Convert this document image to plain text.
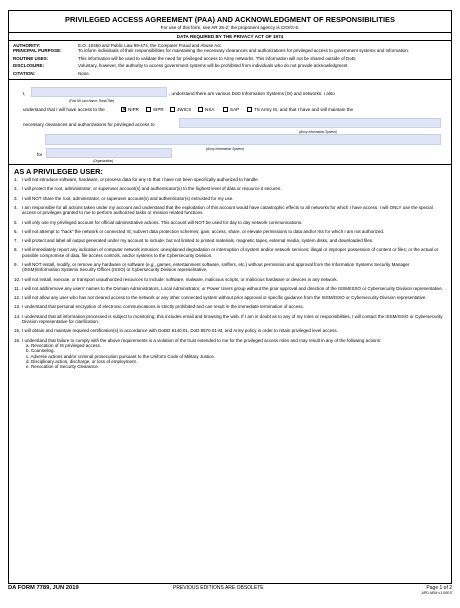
PRIVILEGED ACCESS AGREEMENT (PAA) AND ACKNOWLEDGMENT OF RESPONSIBILITIES
For use of this form, see AR 25-2; the proponent agency is CIO/G-6.
DATA REQUIRED BY THE PRIVACY ACT OF 1974
AUTHORITY:	E.O. 10450 and Public Law 99-474, the Computer Fraud and Abuse Act.
PRINCIPAL PURPOSE:	To inform individuals of their responsibilities for maintaining the necessary clearances and authorizations for privileged access to government systems and information.
ROUTINE USES:	This information will be used to validate the need for privileged access to Army networks. This information will not be shared outside of DoD.
DISCLOSURE:	Voluntary, however, the authority to access government systems will be prohibited from individuals who do not provide acknowledgment.
CITATION:	None.
I,
(First MI Last Name, Rank/Title)
, understand there are various DoD Information Systems (IS) and networks. I also
understand that I will have access to the	✕ NIPR	SIPR	JWICS	NSA	SAP	TS Army IS, and that I have and will maintain the
necessary clearances and authorizations for privileged access to
(Army Information System)
(Army Information System)
for
(Organization)
AS A PRIVILEGED USER:
1. I will not introduce software, hardware, or process data for any IS that I have not been specifically authorized to handle.
2. I will protect the root, administrator, or superuser account(s) and authenticator(s) to the highest level of data or resource it secures.
3. I will NOT share the root, administrator, or superuser account(s) and authenticator(s) entrusted for my use.
4. I am responsible for all actions taken under my account and understand that the exploitation of this account would have catastrophic effects to all networks for which I have access. I will ONLY use the special access or privileges granted to me to perform authorized tasks or mission related functions.
5. I will only use my privileged account for official administrative actions. This account will NOT be used for day to day network communications.
6. I will not attempt to "hack" the network or connected IS; subvert data protection schemes; gain, access, share, or elevate permissions to data and/or ISs for which I am not authorized.
7. I will protect and label all output generated under my account to include, but not limited to printed materials, magnetic tapes, external media, system disks, and downloaded files.
8. I will immediately report any indication of computer network intrusion; unexplained degradation or interruption of system and/or network services; illegal or improper possession of content or files; or the actual or possible compromise of data, file access controls, and/or systems to the Cybersecurity Division.
9. I will NOT install, modify, or remove any hardware or software (e.g., games, entertainment software, sniffers, etc.) without permission and approval from the Information Systems Security Manager (ISSM)/Information Systems Security Officer (ISSO) or Cybersecurity Division representative.
10. I will not install, execute, or transport unauthorized resources to include: software, malware, malicious scripts, or malicious hardware or devices in any network.
11. I will not add/remove any users' names to the Domain Administrators, Local Administrator, or Power Users group without the prior approval and direction of the ISSM/ISSO or Cybersecurity Division representative.
12. I will not allow any user who has not cleared access to the network or any other connected system without prior approval or specific guidance from the ISSM/ISSO or Cybersecurity Division representative.
13. I understand that personal encryption of electronic communications is strictly prohibited and can result in the immediate termination of access.
14. I understand that all information processed is subject to monitoring; this includes email and browsing the web. If I am in doubt as to any of my roles or responsibilities, I will contact the ISSM/ISSO or Cybersecurity Division representative for clarification.
15. I will obtain and maintain required certification(s) in accordance with DoDD 8140.01, DoD 8570.01-M, and Army policy in order to retain privileged level access.
16. I understand that failure to comply with the above requirements is a violation of the trust extended to me for the privileged access roles and may result in any of the following actions:
a. Revocation of IS privileged access.
b. Counseling.
c. Adverse actions and/or criminal prosecution pursuant to the Uniform Code of Military Justice.
d. Disciplinary action, discharge, or loss of employment.
e. Revocation of Security Clearance.
DA FORM 7789, JUN 2019	PREVIOUS EDITIONS ARE OBSOLETE	Page 1 of 2
APD AEM v1.00ES
